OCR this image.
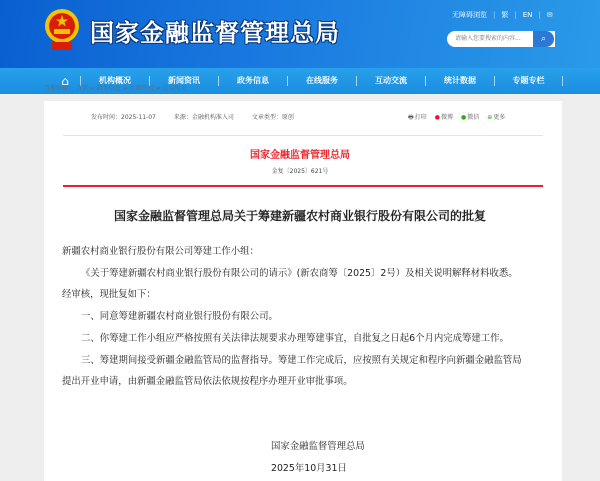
国家金融监督管理总局
无障碍浏览 | 繁 | EN | ✉
请输入您要搜索的内容...	⌕
⌂	机构概况	新闻资讯	政务信息	在线服务	互动交流	统计数据	专题专栏
当前位置： 首页 > 政务信息 > 行政许可 > 总局机关
发布时间：2025-11-07	来源：金融机构准入司	文章类型：原创	🖶打印 ●微博 ●微信 ⊕更多
国家金融监督管理总局
金复〔2025〕621号
国家金融监督管理总局关于筹建新疆农村商业银行股份有限公司的批复

新疆农村商业银行股份有限公司筹建工作小组：

《关于筹建新疆农村商业银行股份有限公司的请示》(新农商筹〔2025〕2号）及相关说明解释材料收悉。

经审核，现批复如下：

一、同意筹建新疆农村商业银行股份有限公司。

二、你筹建工作小组应严格按照有关法律法规要求办理筹建事宜，自批复之日起6个月内完成筹建工作。

三、筹建期间接受新疆金融监管局的监督指导。筹建工作完成后，应按照有关规定和程序向新疆金融监管局

提出开业申请，由新疆金融监管局依法依规按程序办理开业审批事项。

国家金融监督管理总局

2025年10月31日
